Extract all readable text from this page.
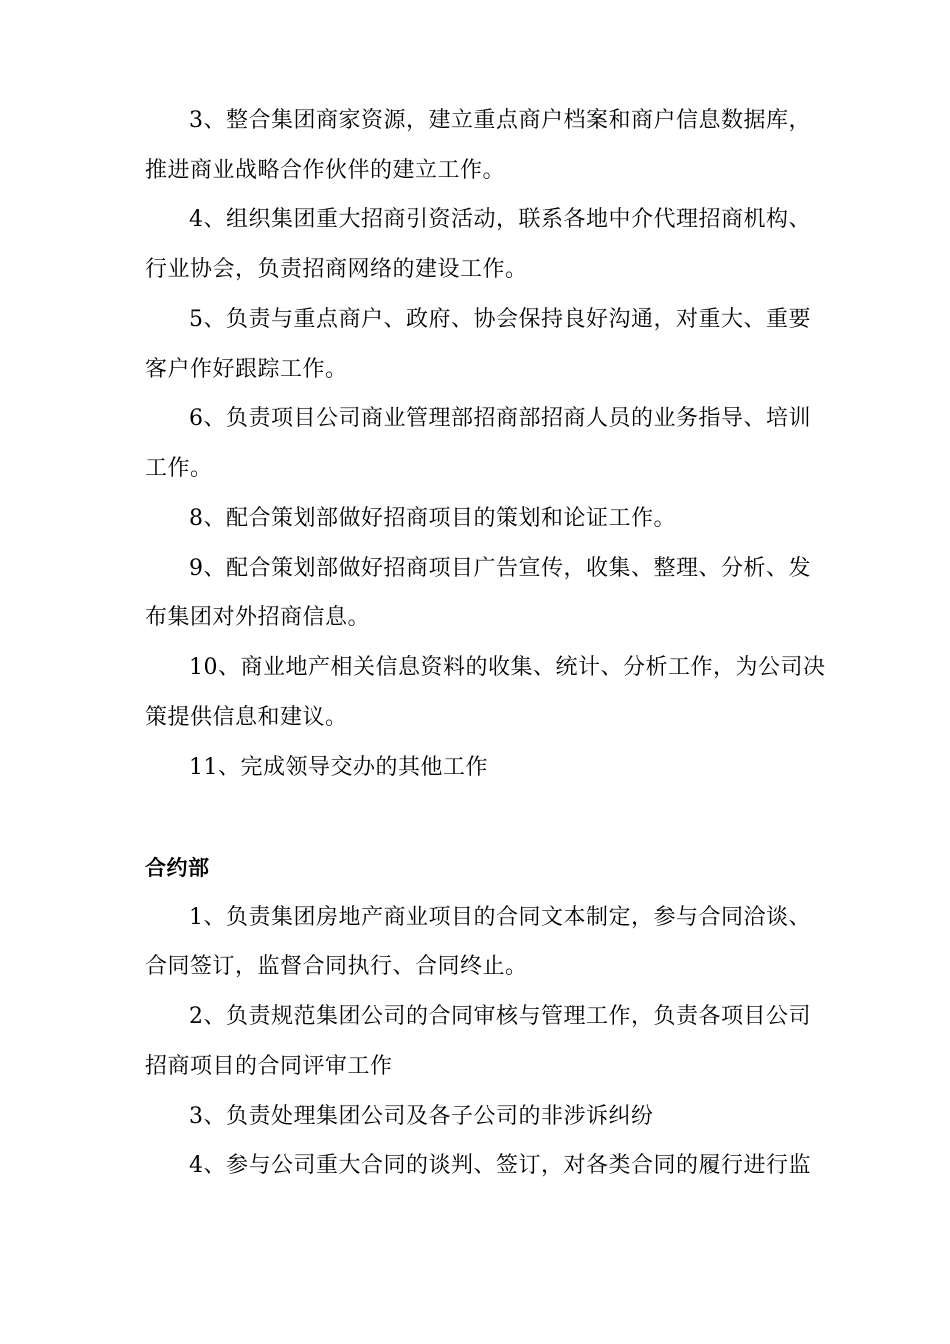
3、整合集团商家资源，建立重点商户档案和商户信息数据库，
推进商业战略合作伙伴的建立工作。
4、组织集团重大招商引资活动，联系各地中介代理招商机构、
行业协会，负责招商网络的建设工作。
5、负责与重点商户、政府、协会保持良好沟通，对重大、重要
客户作好跟踪工作。
6、负责项目公司商业管理部招商部招商人员的业务指导、培训
工作。
8、配合策划部做好招商项目的策划和论证工作。
9、配合策划部做好招商项目广告宣传，收集、整理、分析、发
布集团对外招商信息。
10、商业地产相关信息资料的收集、统计、分析工作，为公司决
策提供信息和建议。
11、完成领导交办的其他工作
合约部
1、负责集团房地产商业项目的合同文本制定，参与合同洽谈、
合同签订，监督合同执行、合同终止。
2、负责规范集团公司的合同审核与管理工作，负责各项目公司
招商项目的合同评审工作
3、负责处理集团公司及各子公司的非涉诉纠纷
4、参与公司重大合同的谈判、签订，对各类合同的履行进行监
